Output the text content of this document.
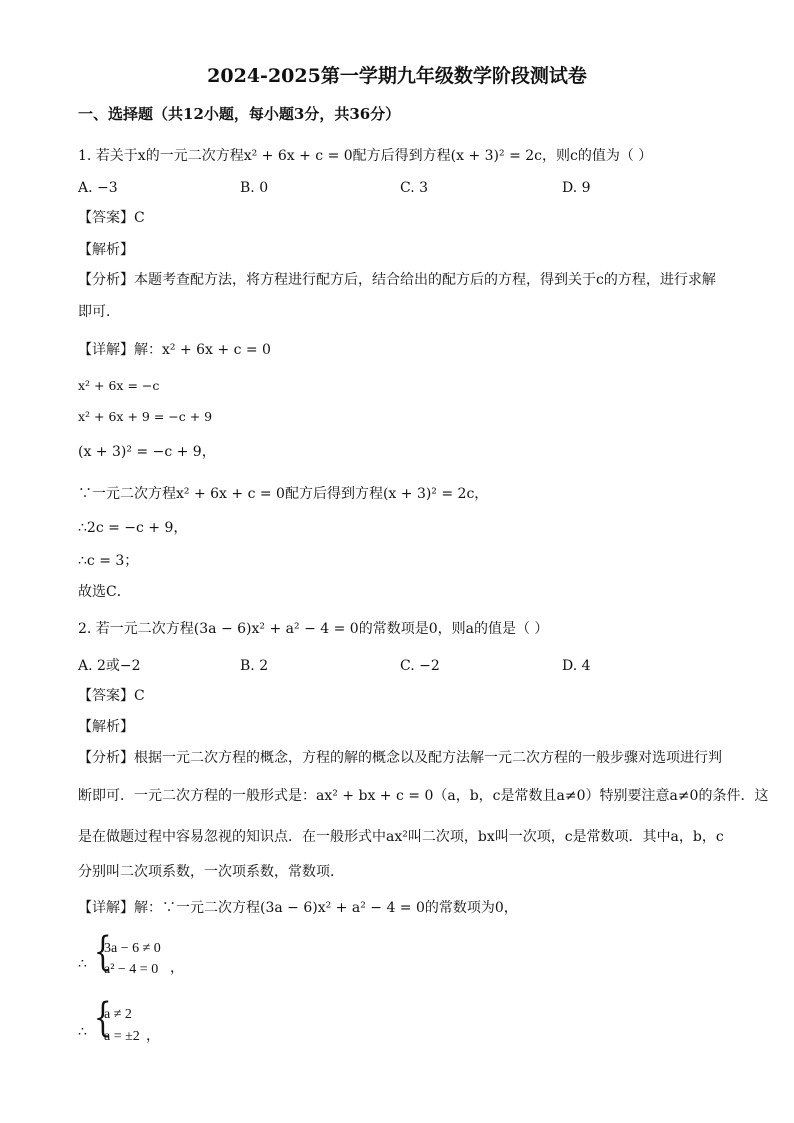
2024-2025第一学期九年级数学阶段测试卷
一、选择题（共12小题，每小题3分，共36分）
1. 若关于x的一元二次方程x² + 6x + c = 0配方后得到方程(x + 3)² = 2c，则c的值为（ ）
A. −3	B. 0	C. 3	D. 9
【答案】C
【解析】
【分析】本题考查配方法，将方程进行配方后，结合给出的配方后的方程，得到关于c的方程，进行求解
即可．
【详解】解：x² + 6x + c = 0
x² + 6x = −c
x² + 6x + 9 = −c + 9
(x + 3)² = −c + 9，
∵一元二次方程x² + 6x + c = 0配方后得到方程(x + 3)² = 2c，
∴2c = −c + 9，
∴c = 3；
故选C．
2. 若一元二次方程(3a − 6)x² + a² − 4 = 0的常数项是0，则a的值是（ ）
A. 2或−2	B. 2	C. −2	D. 4
【答案】C
【解析】
【分析】根据一元二次方程的概念，方程的解的概念以及配方法解一元二次方程的一般步骤对选项进行判
断即可．一元二次方程的一般形式是：ax² + bx + c = 0（a，b，c是常数且a≠0）特别要注意a≠0的条件．这
是在做题过程中容易忽视的知识点．在一般形式中ax²叫二次项，bx叫一次项，c是常数项．其中a，b，c
分别叫二次项系数，一次项系数，常数项．
【详解】解：∵一元二次方程(3a − 6)x² + a² − 4 = 0的常数项为0，
∴ {
3a − 6 ≠ 0
a² − 4 = 0 ，
∴ {
a ≠ 2
a = ±2 ，
